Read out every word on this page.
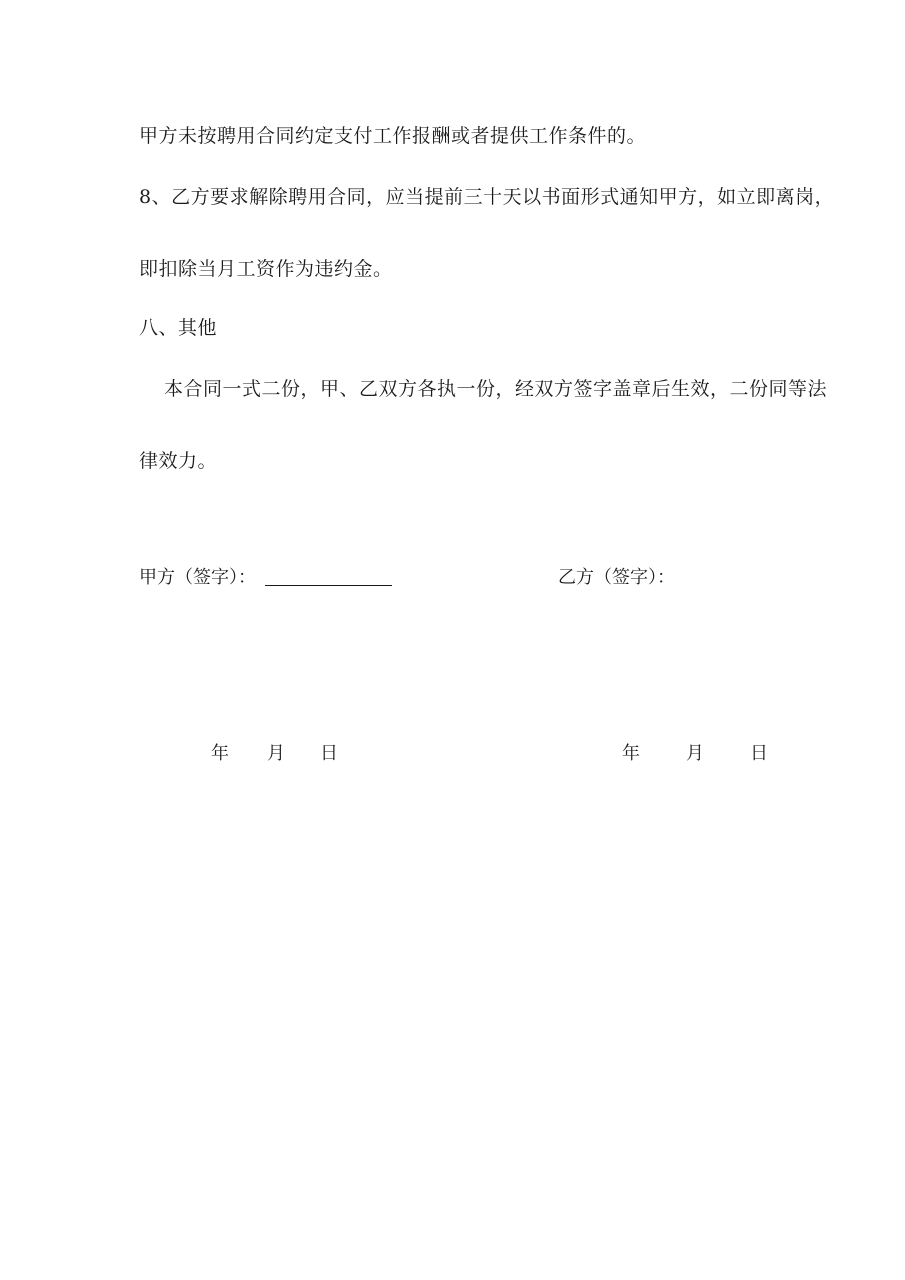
甲方未按聘用合同约定支付工作报酬或者提供工作条件的。
8、乙方要求解除聘用合同，应当提前三十天以书面形式通知甲方，如立即离岗，
即扣除当月工资作为违约金。
八、其他
本合同一式二份，甲、乙双方各执一份，经双方签字盖章后生效，二份同等法
律效力。
甲方（签字）：	乙方（签字）：
年 月 日	年	月	日
